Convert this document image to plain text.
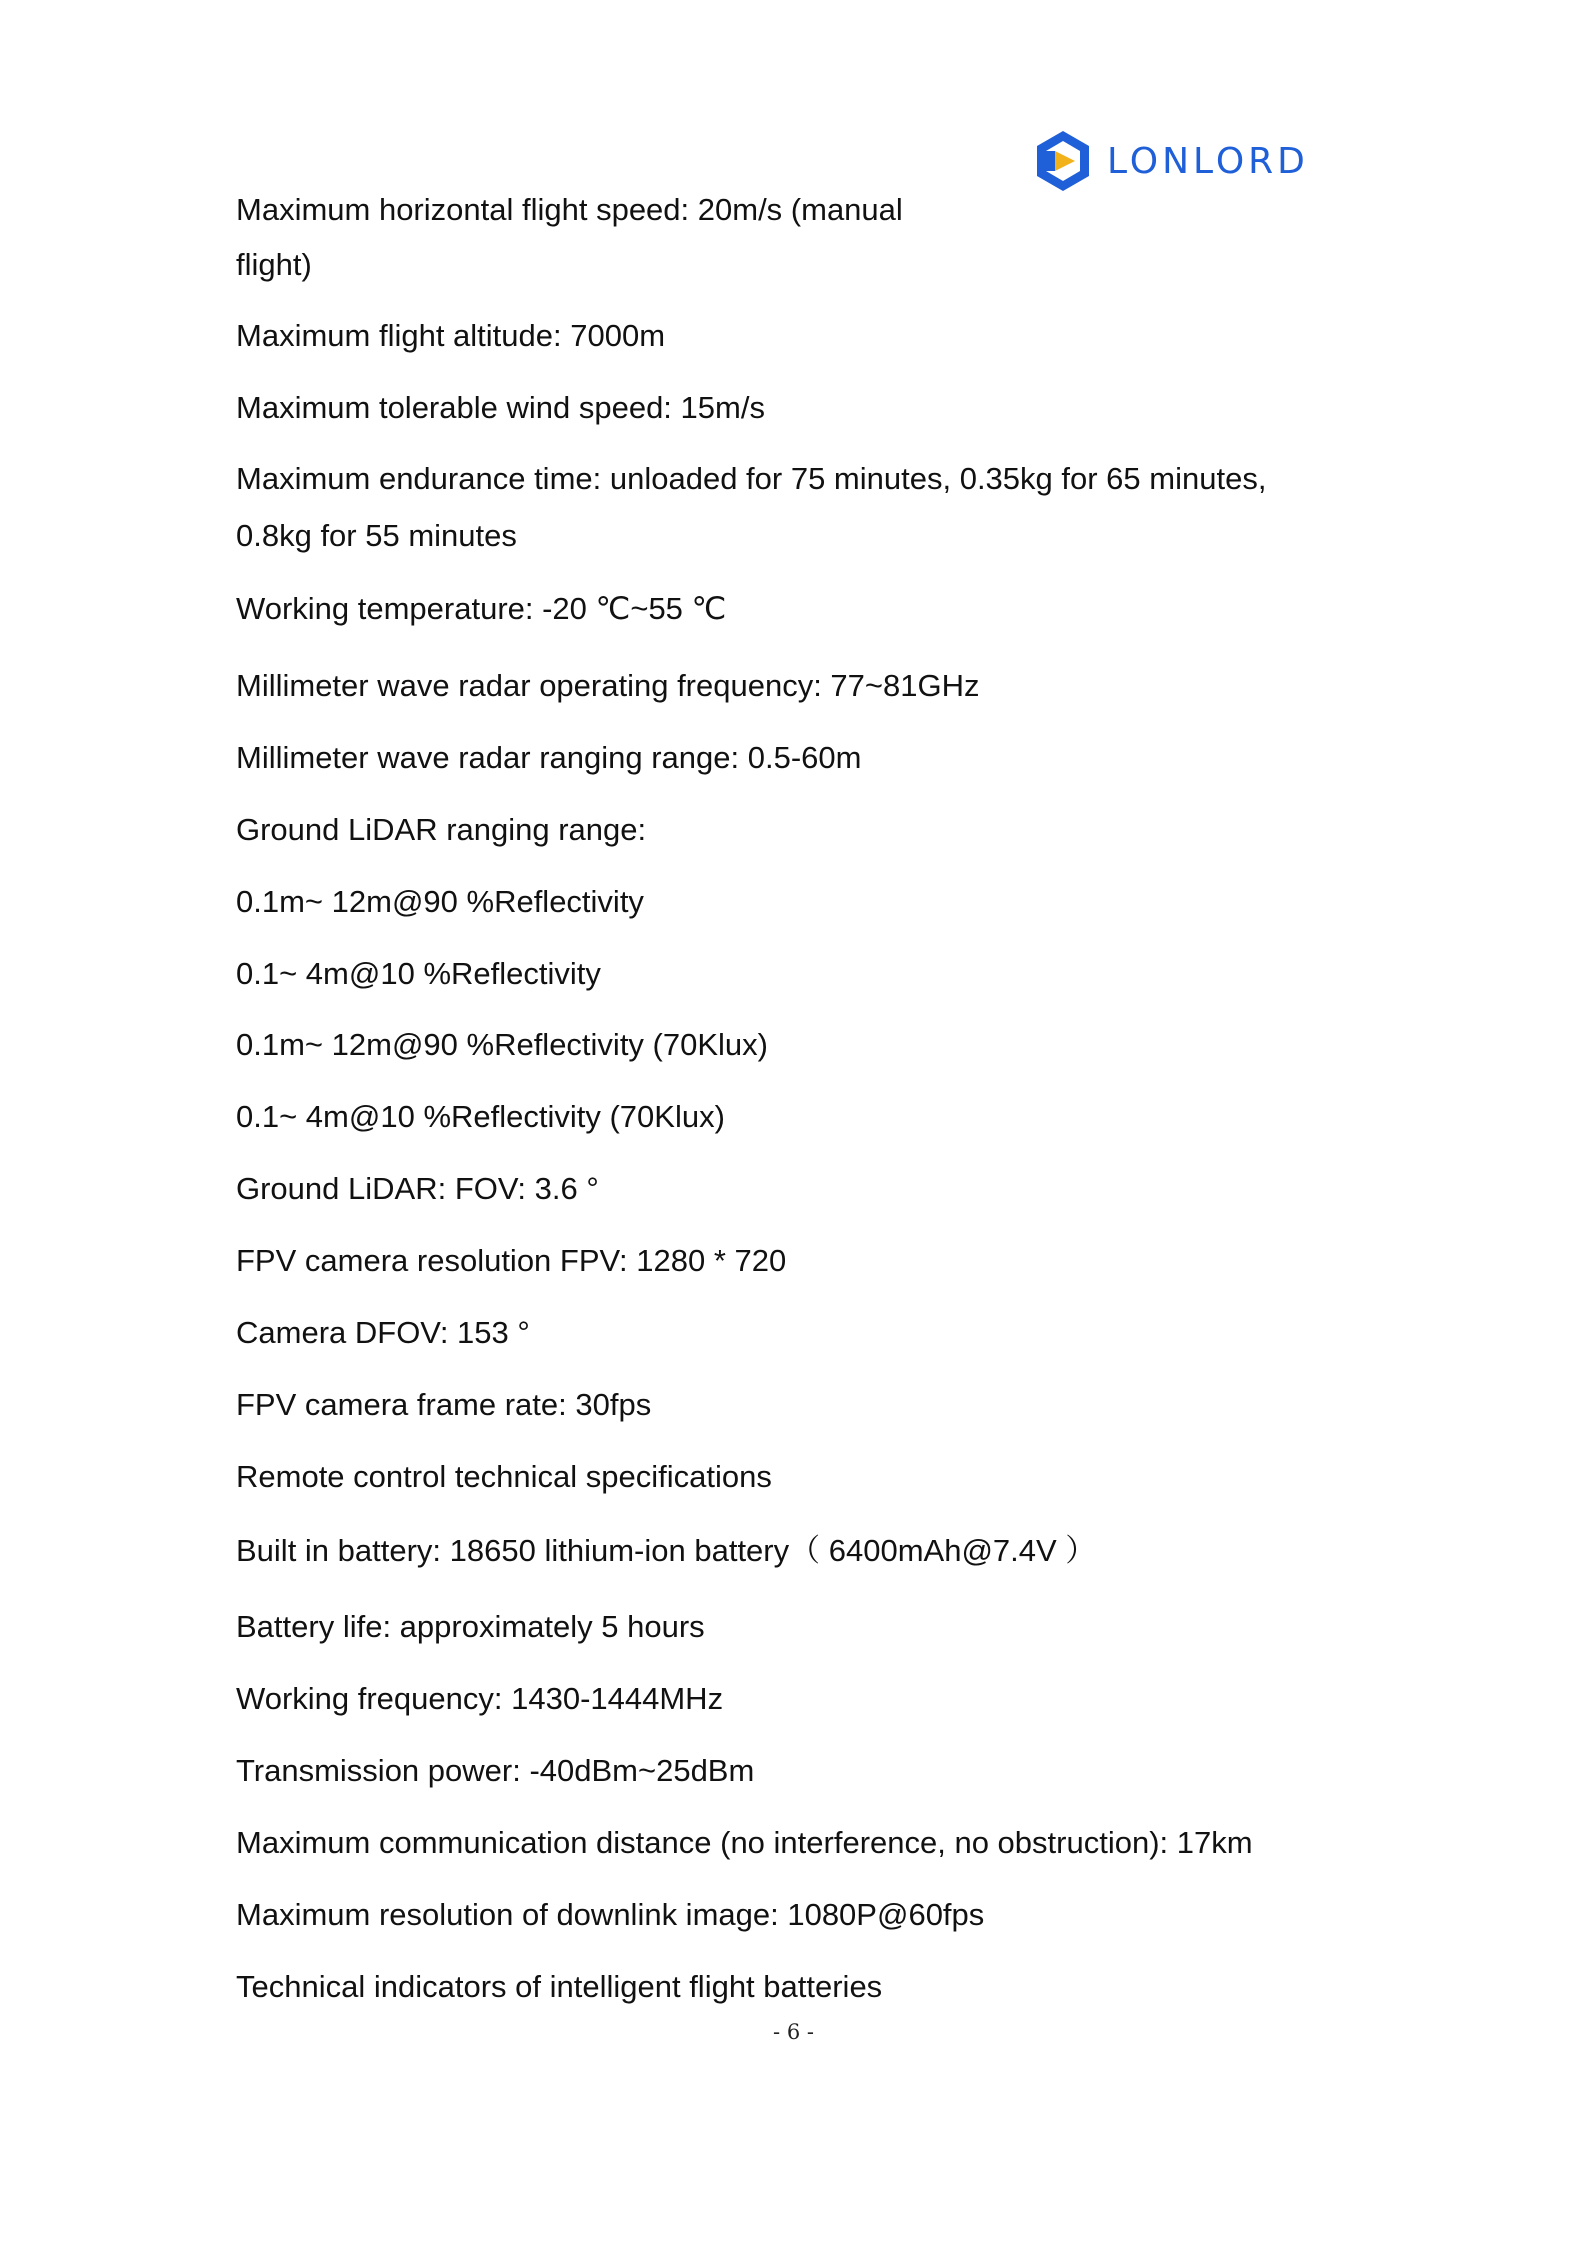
LONLORD
Maximum horizontal flight speed: 20m/s (manual
flight)
Maximum flight altitude: 7000m
Maximum tolerable wind speed: 15m/s
Maximum endurance time: unloaded for 75 minutes, 0.35kg for 65 minutes,
0.8kg for 55 minutes
Working temperature: -20 ℃~55 ℃
Millimeter wave radar operating frequency: 77~81GHz
Millimeter wave radar ranging range: 0.5-60m
Ground LiDAR ranging range:
0.1m~ 12m@90 %Reflectivity
0.1~ 4m@10 %Reflectivity
0.1m~ 12m@90 %Reflectivity (70Klux)
0.1~ 4m@10 %Reflectivity (70Klux)
Ground LiDAR: FOV: 3.6 °
FPV camera resolution FPV: 1280 * 720
Camera DFOV: 153 °
FPV camera frame rate: 30fps
Remote control technical specifications
Built in battery: 18650 lithium-ion battery（ 6400mAh@7.4V ）
Battery life: approximately 5 hours
Working frequency: 1430-1444MHz
Transmission power: -40dBm~25dBm
Maximum communication distance (no interference, no obstruction): 17km
Maximum resolution of downlink image: 1080P@60fps
Technical indicators of intelligent flight batteries
- 6 -
